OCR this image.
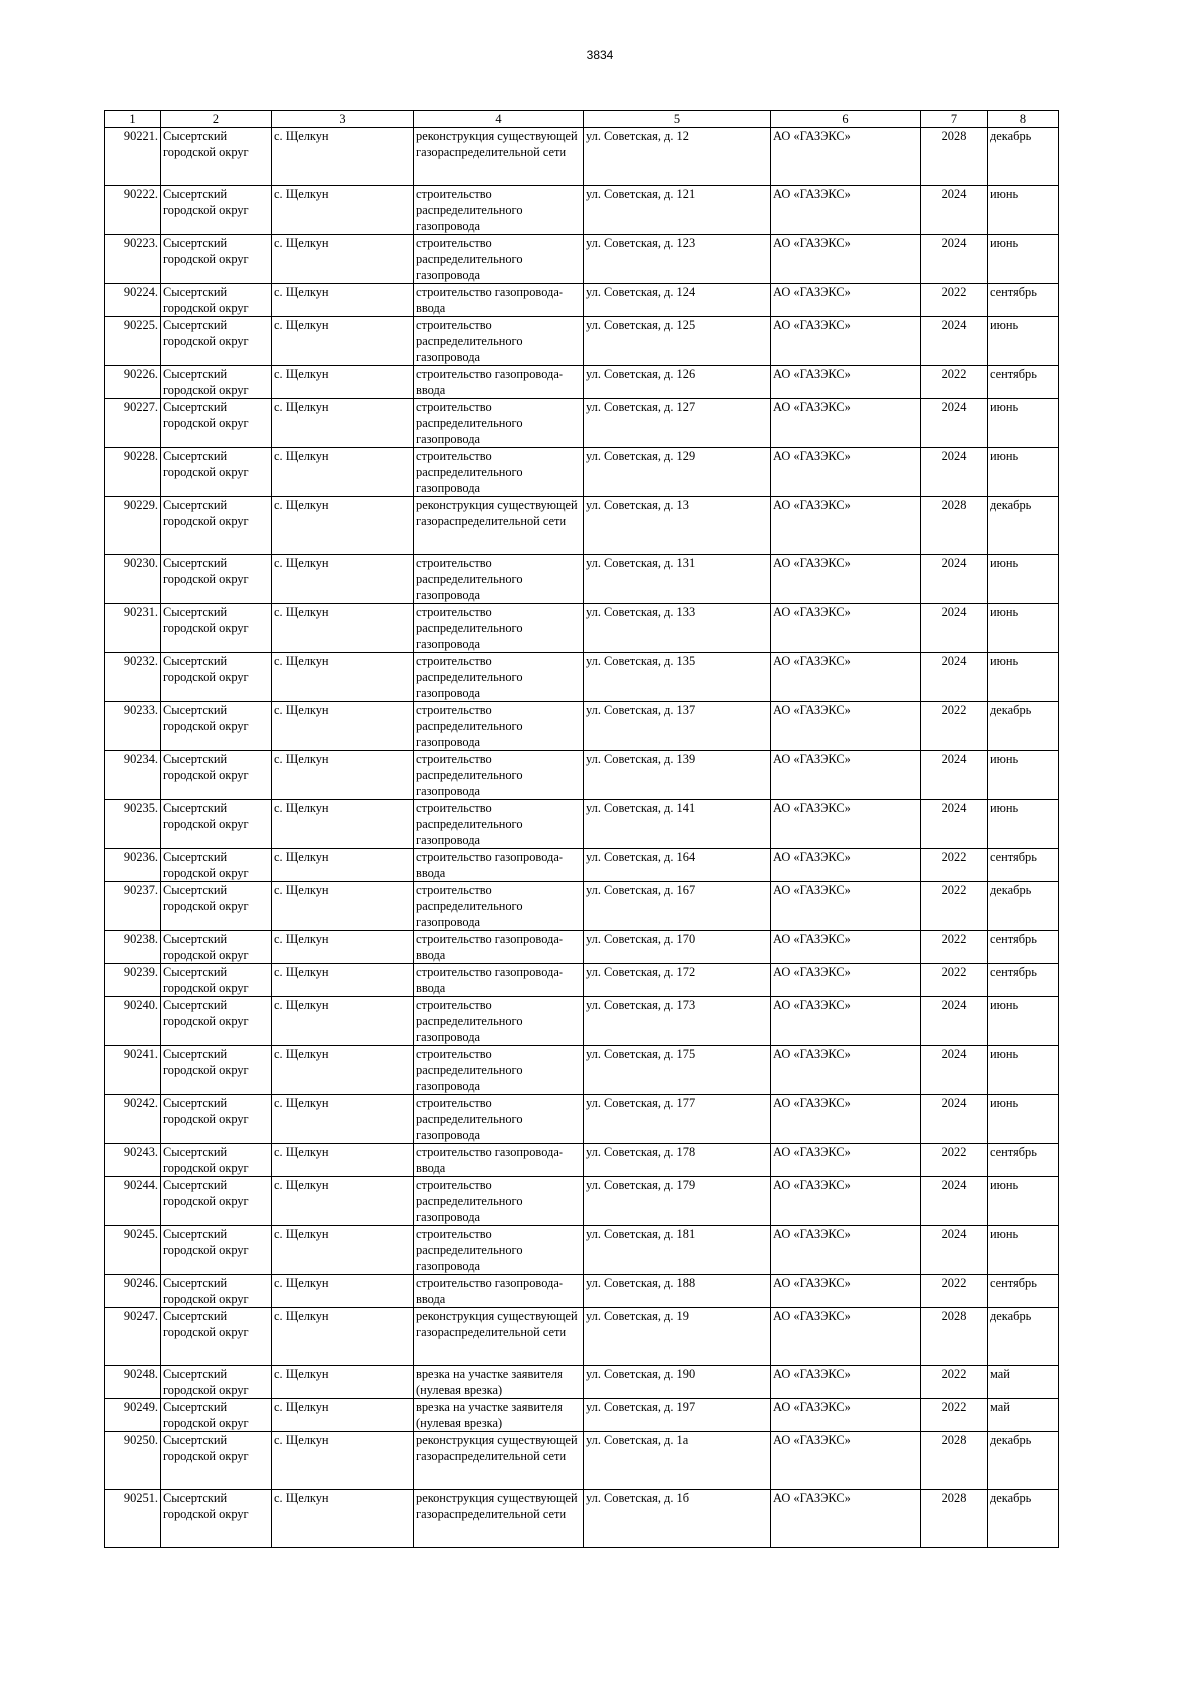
3834
1	2	3	4	5	6	7	8
90221.	Сысертский городской округ	с. Щелкун	реконструкция существующей газораспределительной сети	ул. Советская, д. 12	АО «ГАЗЭКС»	2028	декабрь
90222.	Сысертский городской округ	с. Щелкун	строительство распределительного газопровода	ул. Советская, д. 121	АО «ГАЗЭКС»	2024	июнь
90223.	Сысертский городской округ	с. Щелкун	строительство распределительного газопровода	ул. Советская, д. 123	АО «ГАЗЭКС»	2024	июнь
90224.	Сысертский городской округ	с. Щелкун	строительство газопровода-ввода	ул. Советская, д. 124	АО «ГАЗЭКС»	2022	сентябрь
90225.	Сысертский городской округ	с. Щелкун	строительство распределительного газопровода	ул. Советская, д. 125	АО «ГАЗЭКС»	2024	июнь
90226.	Сысертский городской округ	с. Щелкун	строительство газопровода-ввода	ул. Советская, д. 126	АО «ГАЗЭКС»	2022	сентябрь
90227.	Сысертский городской округ	с. Щелкун	строительство распределительного газопровода	ул. Советская, д. 127	АО «ГАЗЭКС»	2024	июнь
90228.	Сысертский городской округ	с. Щелкун	строительство распределительного газопровода	ул. Советская, д. 129	АО «ГАЗЭКС»	2024	июнь
90229.	Сысертский городской округ	с. Щелкун	реконструкция существующей газораспределительной сети	ул. Советская, д. 13	АО «ГАЗЭКС»	2028	декабрь
90230.	Сысертский городской округ	с. Щелкун	строительство распределительного газопровода	ул. Советская, д. 131	АО «ГАЗЭКС»	2024	июнь
90231.	Сысертский городской округ	с. Щелкун	строительство распределительного газопровода	ул. Советская, д. 133	АО «ГАЗЭКС»	2024	июнь
90232.	Сысертский городской округ	с. Щелкун	строительство распределительного газопровода	ул. Советская, д. 135	АО «ГАЗЭКС»	2024	июнь
90233.	Сысертский городской округ	с. Щелкун	строительство распределительного газопровода	ул. Советская, д. 137	АО «ГАЗЭКС»	2022	декабрь
90234.	Сысертский городской округ	с. Щелкун	строительство распределительного газопровода	ул. Советская, д. 139	АО «ГАЗЭКС»	2024	июнь
90235.	Сысертский городской округ	с. Щелкун	строительство распределительного газопровода	ул. Советская, д. 141	АО «ГАЗЭКС»	2024	июнь
90236.	Сысертский городской округ	с. Щелкун	строительство газопровода-ввода	ул. Советская, д. 164	АО «ГАЗЭКС»	2022	сентябрь
90237.	Сысертский городской округ	с. Щелкун	строительство распределительного газопровода	ул. Советская, д. 167	АО «ГАЗЭКС»	2022	декабрь
90238.	Сысертский городской округ	с. Щелкун	строительство газопровода-ввода	ул. Советская, д. 170	АО «ГАЗЭКС»	2022	сентябрь
90239.	Сысертский городской округ	с. Щелкун	строительство газопровода-ввода	ул. Советская, д. 172	АО «ГАЗЭКС»	2022	сентябрь
90240.	Сысертский городской округ	с. Щелкун	строительство распределительного газопровода	ул. Советская, д. 173	АО «ГАЗЭКС»	2024	июнь
90241.	Сысертский городской округ	с. Щелкун	строительство распределительного газопровода	ул. Советская, д. 175	АО «ГАЗЭКС»	2024	июнь
90242.	Сысертский городской округ	с. Щелкун	строительство распределительного газопровода	ул. Советская, д. 177	АО «ГАЗЭКС»	2024	июнь
90243.	Сысертский городской округ	с. Щелкун	строительство газопровода-ввода	ул. Советская, д. 178	АО «ГАЗЭКС»	2022	сентябрь
90244.	Сысертский городской округ	с. Щелкун	строительство распределительного газопровода	ул. Советская, д. 179	АО «ГАЗЭКС»	2024	июнь
90245.	Сысертский городской округ	с. Щелкун	строительство распределительного газопровода	ул. Советская, д. 181	АО «ГАЗЭКС»	2024	июнь
90246.	Сысертский городской округ	с. Щелкун	строительство газопровода-ввода	ул. Советская, д. 188	АО «ГАЗЭКС»	2022	сентябрь
90247.	Сысертский городской округ	с. Щелкун	реконструкция существующей газораспределительной сети	ул. Советская, д. 19	АО «ГАЗЭКС»	2028	декабрь
90248.	Сысертский городской округ	с. Щелкун	врезка на участке заявителя (нулевая врезка)	ул. Советская, д. 190	АО «ГАЗЭКС»	2022	май
90249.	Сысертский городской округ	с. Щелкун	врезка на участке заявителя (нулевая врезка)	ул. Советская, д. 197	АО «ГАЗЭКС»	2022	май
90250.	Сысертский городской округ	с. Щелкун	реконструкция существующей газораспределительной сети	ул. Советская, д. 1а	АО «ГАЗЭКС»	2028	декабрь
90251.	Сысертский городской округ	с. Щелкун	реконструкция существующей газораспределительной сети	ул. Советская, д. 1б	АО «ГАЗЭКС»	2028	декабрь
